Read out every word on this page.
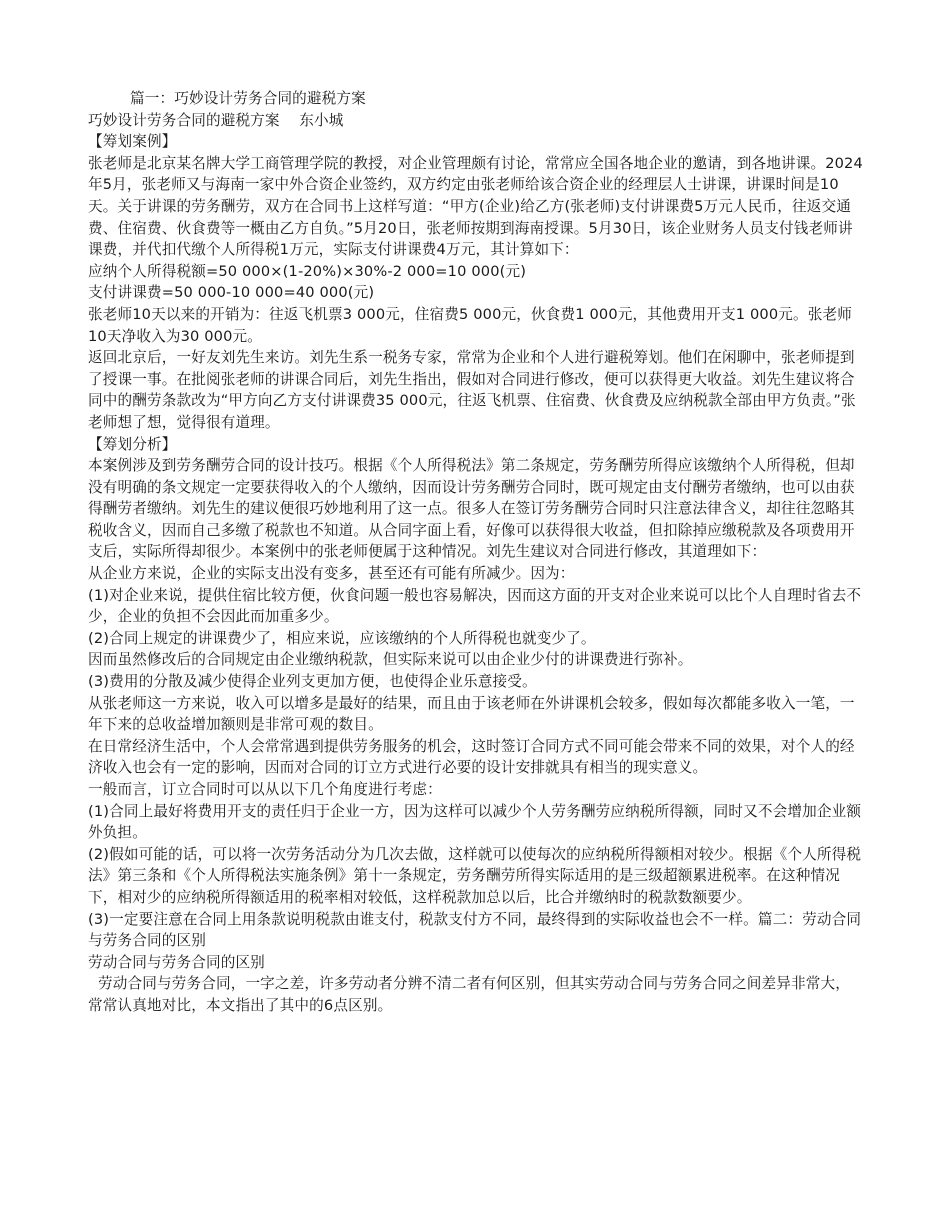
篇一：巧妙设计劳务合同的避税方案

巧妙设计劳务合同的避税方案　 东小城

【筹划案例】

张老师是北京某名牌大学工商管理学院的教授，对企业管理颇有讨论，常常应全国各地企业的邀请，到各地讲课。2024年5月，张老师又与海南一家中外合资企业签约，双方约定由张老师给该合资企业的经理层人士讲课，讲课时间是10天。关于讲课的劳务酬劳，双方在合同书上这样写道：“甲方(企业)给乙方(张老师)支付讲课费5万元人民币，往返交通费、住宿费、伙食费等一概由乙方自负。”5月20日，张老师按期到海南授课。5月30日，该企业财务人员支付钱老师讲课费，并代扣代缴个人所得税1万元，实际支付讲课费4万元，其计算如下：

应纳个人所得税额=50 000×(1-20%)×30%-2 000=10 000(元)

支付讲课费=50 000-10 000=40 000(元)

张老师10天以来的开销为：往返飞机票3 000元，住宿费5 000元，伙食费1 000元，其他费用开支1 000元。张老师10天净收入为30 000元。

返回北京后，一好友刘先生来访。刘先生系一税务专家，常常为企业和个人进行避税筹划。他们在闲聊中，张老师提到了授课一事。在批阅张老师的讲课合同后，刘先生指出，假如对合同进行修改，便可以获得更大收益。刘先生建议将合同中的酬劳条款改为“甲方向乙方支付讲课费35 000元，往返飞机票、住宿费、伙食费及应纳税款全部由甲方负责。”张老师想了想，觉得很有道理。

【筹划分析】

本案例涉及到劳务酬劳合同的设计技巧。根据《个人所得税法》第二条规定，劳务酬劳所得应该缴纳个人所得税，但却没有明确的条文规定一定要获得收入的个人缴纳，因而设计劳务酬劳合同时，既可规定由支付酬劳者缴纳，也可以由获得酬劳者缴纳。刘先生的建议便很巧妙地利用了这一点。很多人在签订劳务酬劳合同时只注意法律含义，却往往忽略其税收含义，因而自己多缴了税款也不知道。从合同字面上看，好像可以获得很大收益，但扣除掉应缴税款及各项费用开支后，实际所得却很少。本案例中的张老师便属于这种情况。刘先生建议对合同进行修改，其道理如下：

从企业方来说，企业的实际支出没有变多，甚至还有可能有所减少。因为：

(1)对企业来说，提供住宿比较方便，伙食问题一般也容易解决，因而这方面的开支对企业来说可以比个人自理时省去不少，企业的负担不会因此而加重多少。

(2)合同上规定的讲课费少了，相应来说，应该缴纳的个人所得税也就变少了。

因而虽然修改后的合同规定由企业缴纳税款，但实际来说可以由企业少付的讲课费进行弥补。

(3)费用的分散及减少使得企业列支更加方便，也使得企业乐意接受。

从张老师这一方来说，收入可以增多是最好的结果，而且由于该老师在外讲课机会较多，假如每次都能多收入一笔，一年下来的总收益增加额则是非常可观的数目。

在日常经济生活中，个人会常常遇到提供劳务服务的机会，这时签订合同方式不同可能会带来不同的效果，对个人的经济收入也会有一定的影响，因而对合同的订立方式进行必要的设计安排就具有相当的现实意义。

一般而言，订立合同时可以从以下几个角度进行考虑：

(1)合同上最好将费用开支的责任归于企业一方，因为这样可以减少个人劳务酬劳应纳税所得额，同时又不会增加企业额外负担。

(2)假如可能的话，可以将一次劳务活动分为几次去做，这样就可以使每次的应纳税所得额相对较少。根据《个人所得税法》第三条和《个人所得税法实施条例》第十一条规定，劳务酬劳所得实际适用的是三级超额累进税率。在这种情况下，相对少的应纳税所得额适用的税率相对较低，这样税款加总以后，比合并缴纳时的税款数额要少。

(3)一定要注意在合同上用条款说明税款由谁支付，税款支付方不同，最终得到的实际收益也会不一样。篇二：劳动合同与劳务合同的区别

劳动合同与劳务合同的区别

劳动合同与劳务合同，一字之差，许多劳动者分辨不清二者有何区别，但其实劳动合同与劳务合同之间差异非常大，常常认真地对比，本文指出了其中的6点区别。
